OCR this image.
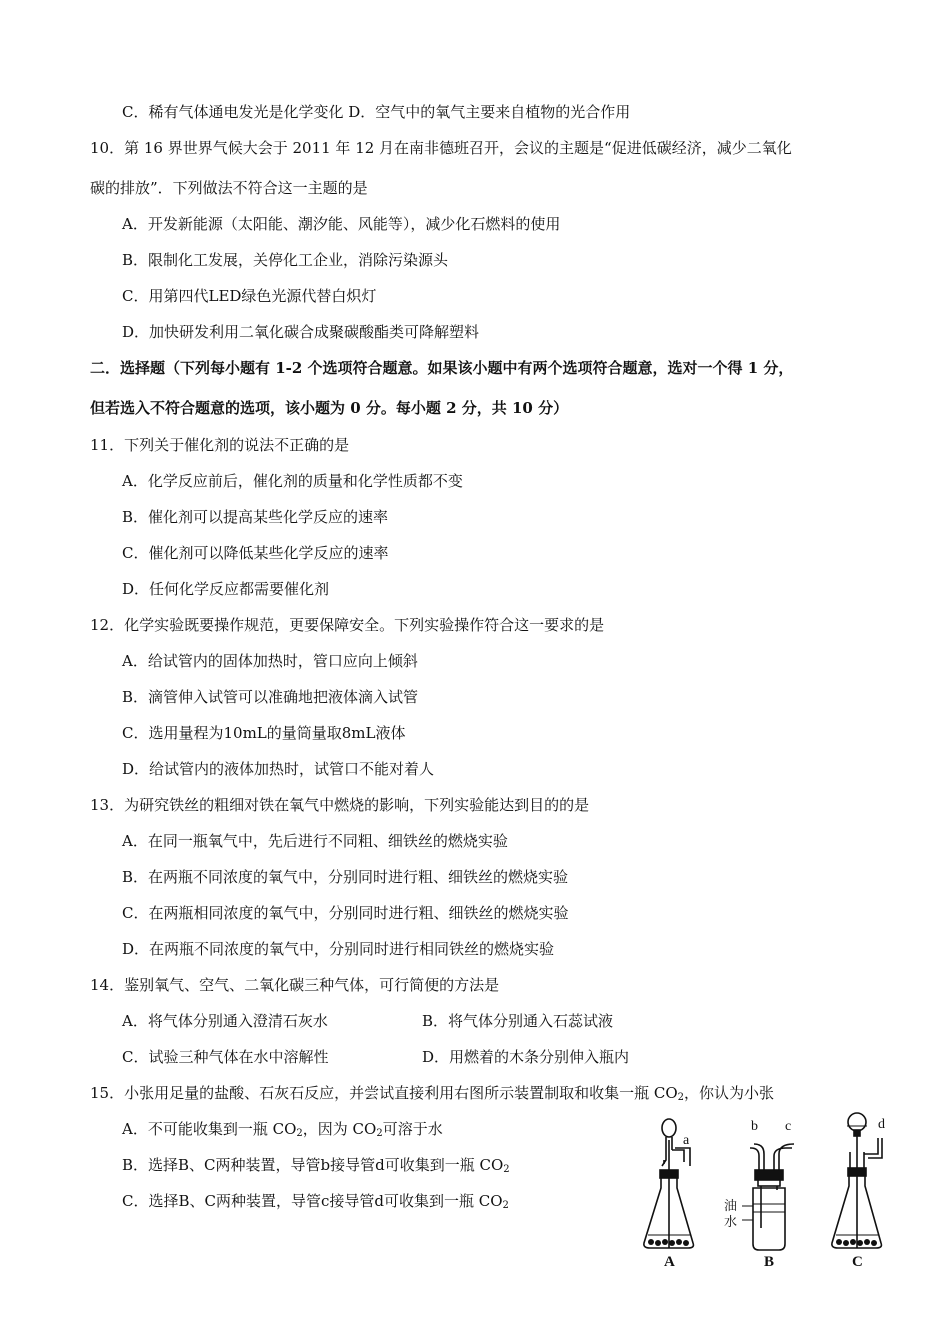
C．稀有气体通电发光是化学变化 D．空气中的氧气主要来自植物的光合作用
10．第 16 界世界气候大会于 2011 年 12 月在南非德班召开，会议的主题是“促进低碳经济，减少二氧化
碳的排放”．下列做法不符合这一主题的是
A．开发新能源（太阳能、潮汐能、风能等），减少化石燃料的使用
B．限制化工发展，关停化工企业，消除污染源头
C．用第四代LED绿色光源代替白炽灯
D．加快研发利用二氧化碳合成聚碳酸酯类可降解塑料
二．选择题（下列每小题有 1-2 个选项符合题意。如果该小题中有两个选项符合题意，选对一个得 1 分，
但若选入不符合题意的选项，该小题为 0 分。每小题 2 分，共 10 分）
11．下列关于催化剂的说法不正确的是
A．化学反应前后，催化剂的质量和化学性质都不变
B．催化剂可以提高某些化学反应的速率
C．催化剂可以降低某些化学反应的速率
D．任何化学反应都需要催化剂
12．化学实验既要操作规范，更要保障安全。下列实验操作符合这一要求的是
A．给试管内的固体加热时，管口应向上倾斜
B．滴管伸入试管可以准确地把液体滴入试管
C．选用量程为10mL的量筒量取8mL液体
D．给试管内的液体加热时，试管口不能对着人
13．为研究铁丝的粗细对铁在氧气中燃烧的影响，下列实验能达到目的的是
A．在同一瓶氧气中，先后进行不同粗、细铁丝的燃烧实验
B．在两瓶不同浓度的氧气中，分别同时进行粗、细铁丝的燃烧实验
C．在两瓶相同浓度的氧气中，分别同时进行粗、细铁丝的燃烧实验
D．在两瓶不同浓度的氧气中，分别同时进行相同铁丝的燃烧实验
14．鉴别氧气、空气、二氧化碳三种气体，可行简便的方法是
A．将气体分别通入澄清石灰水	B．将气体分别通入石蕊试液
C．试验三种气体在水中溶解性	D．用燃着的木条分别伸入瓶内
15．小张用足量的盐酸、石灰石反应，并尝试直接利用右图所示装置制取和收集一瓶 $CO_2$，你认为小张
A．不可能收集到一瓶 $CO_2$，因为 $CO_2$可溶于水
B．选择B、C两种装置，导管b接导管d可收集到一瓶 $CO_2$
C．选择B、C两种装置，导管c接导管d可收集到一瓶 $CO_2$
a
A
b c
油
水
B
d
C
